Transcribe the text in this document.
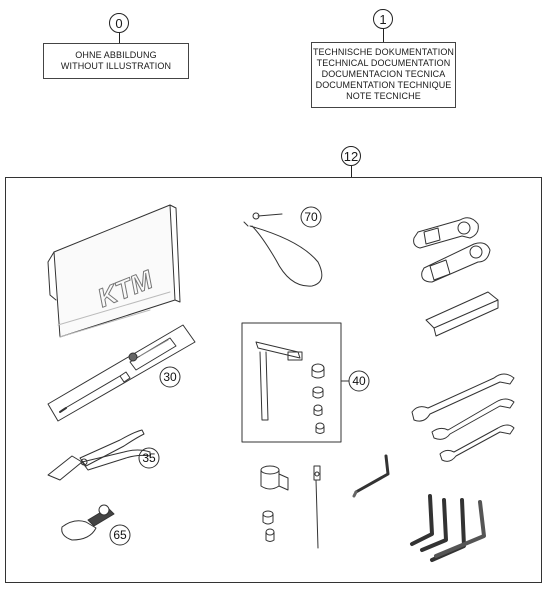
0
OHNE ABBILDUNG
WITHOUT ILLUSTRATION
1
TECHNISCHE DOKUMENTATION
TECHNICAL DOCUMENTATION
DOCUMENTACION TECNICA
DOCUMENTATION TECHNIQUE
NOTE TECNICHE
12
KTM
30
35
65
70
40
